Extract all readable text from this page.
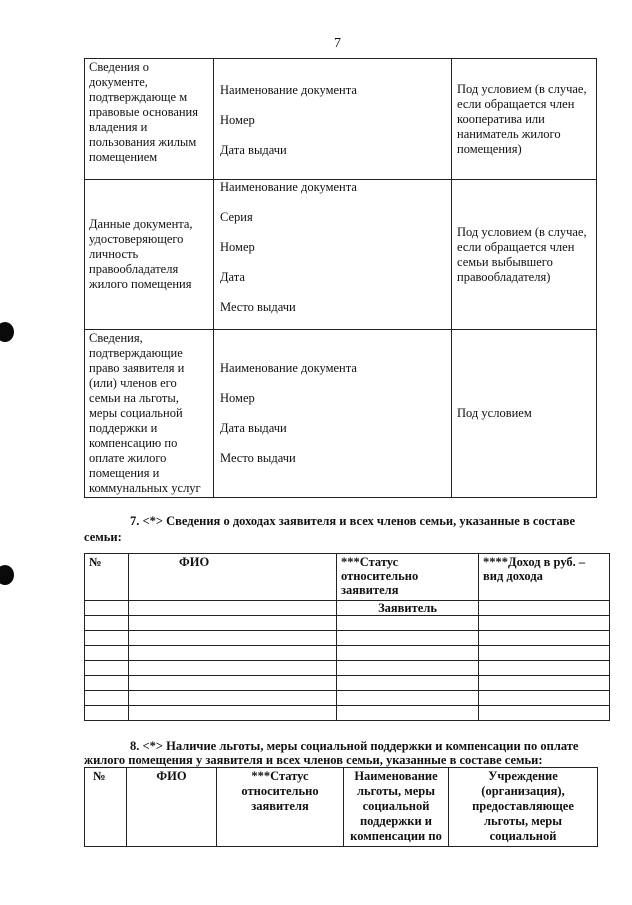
7
Сведения о документе, подтверждающе м правовые основания владения и пользования жилым помещением	Наименование документа
Номер
Дата выдачи	Под условием (в случае, если обращается член кооператива или наниматель жилого помещения)
Данные документа, удостоверяющего личность правообладателя жилого помещения	Наименование документа
Серия
Номер
Дата
Место выдачи	Под условием (в случае, если обращается член семьи выбывшего правообладателя)
Сведения, подтверждающие право заявителя и (или) членов его семьи на льготы, меры социальной поддержки и компенсацию по оплате жилого помещения и коммунальных услуг	Наименование документа
Номер
Дата выдачи
Место выдачи	Под условием
7. <*> Сведения о доходах заявителя и всех членов семьи, указанные в составе
семьи:
№	ФИО	***Статус относительно заявителя	****Доход в руб. – вид дохода
		Заявитель	

8. <*> Наличие льготы, меры социальной поддержки и компенсации по оплате
жилого помещения у заявителя и всех членов семьи, указанные в составе семьи:
№	ФИО	***Статус относительно заявителя	Наименование льготы, меры социальной поддержки и компенсации по	Учреждение (организация), предоставляющее льготы, меры социальной
